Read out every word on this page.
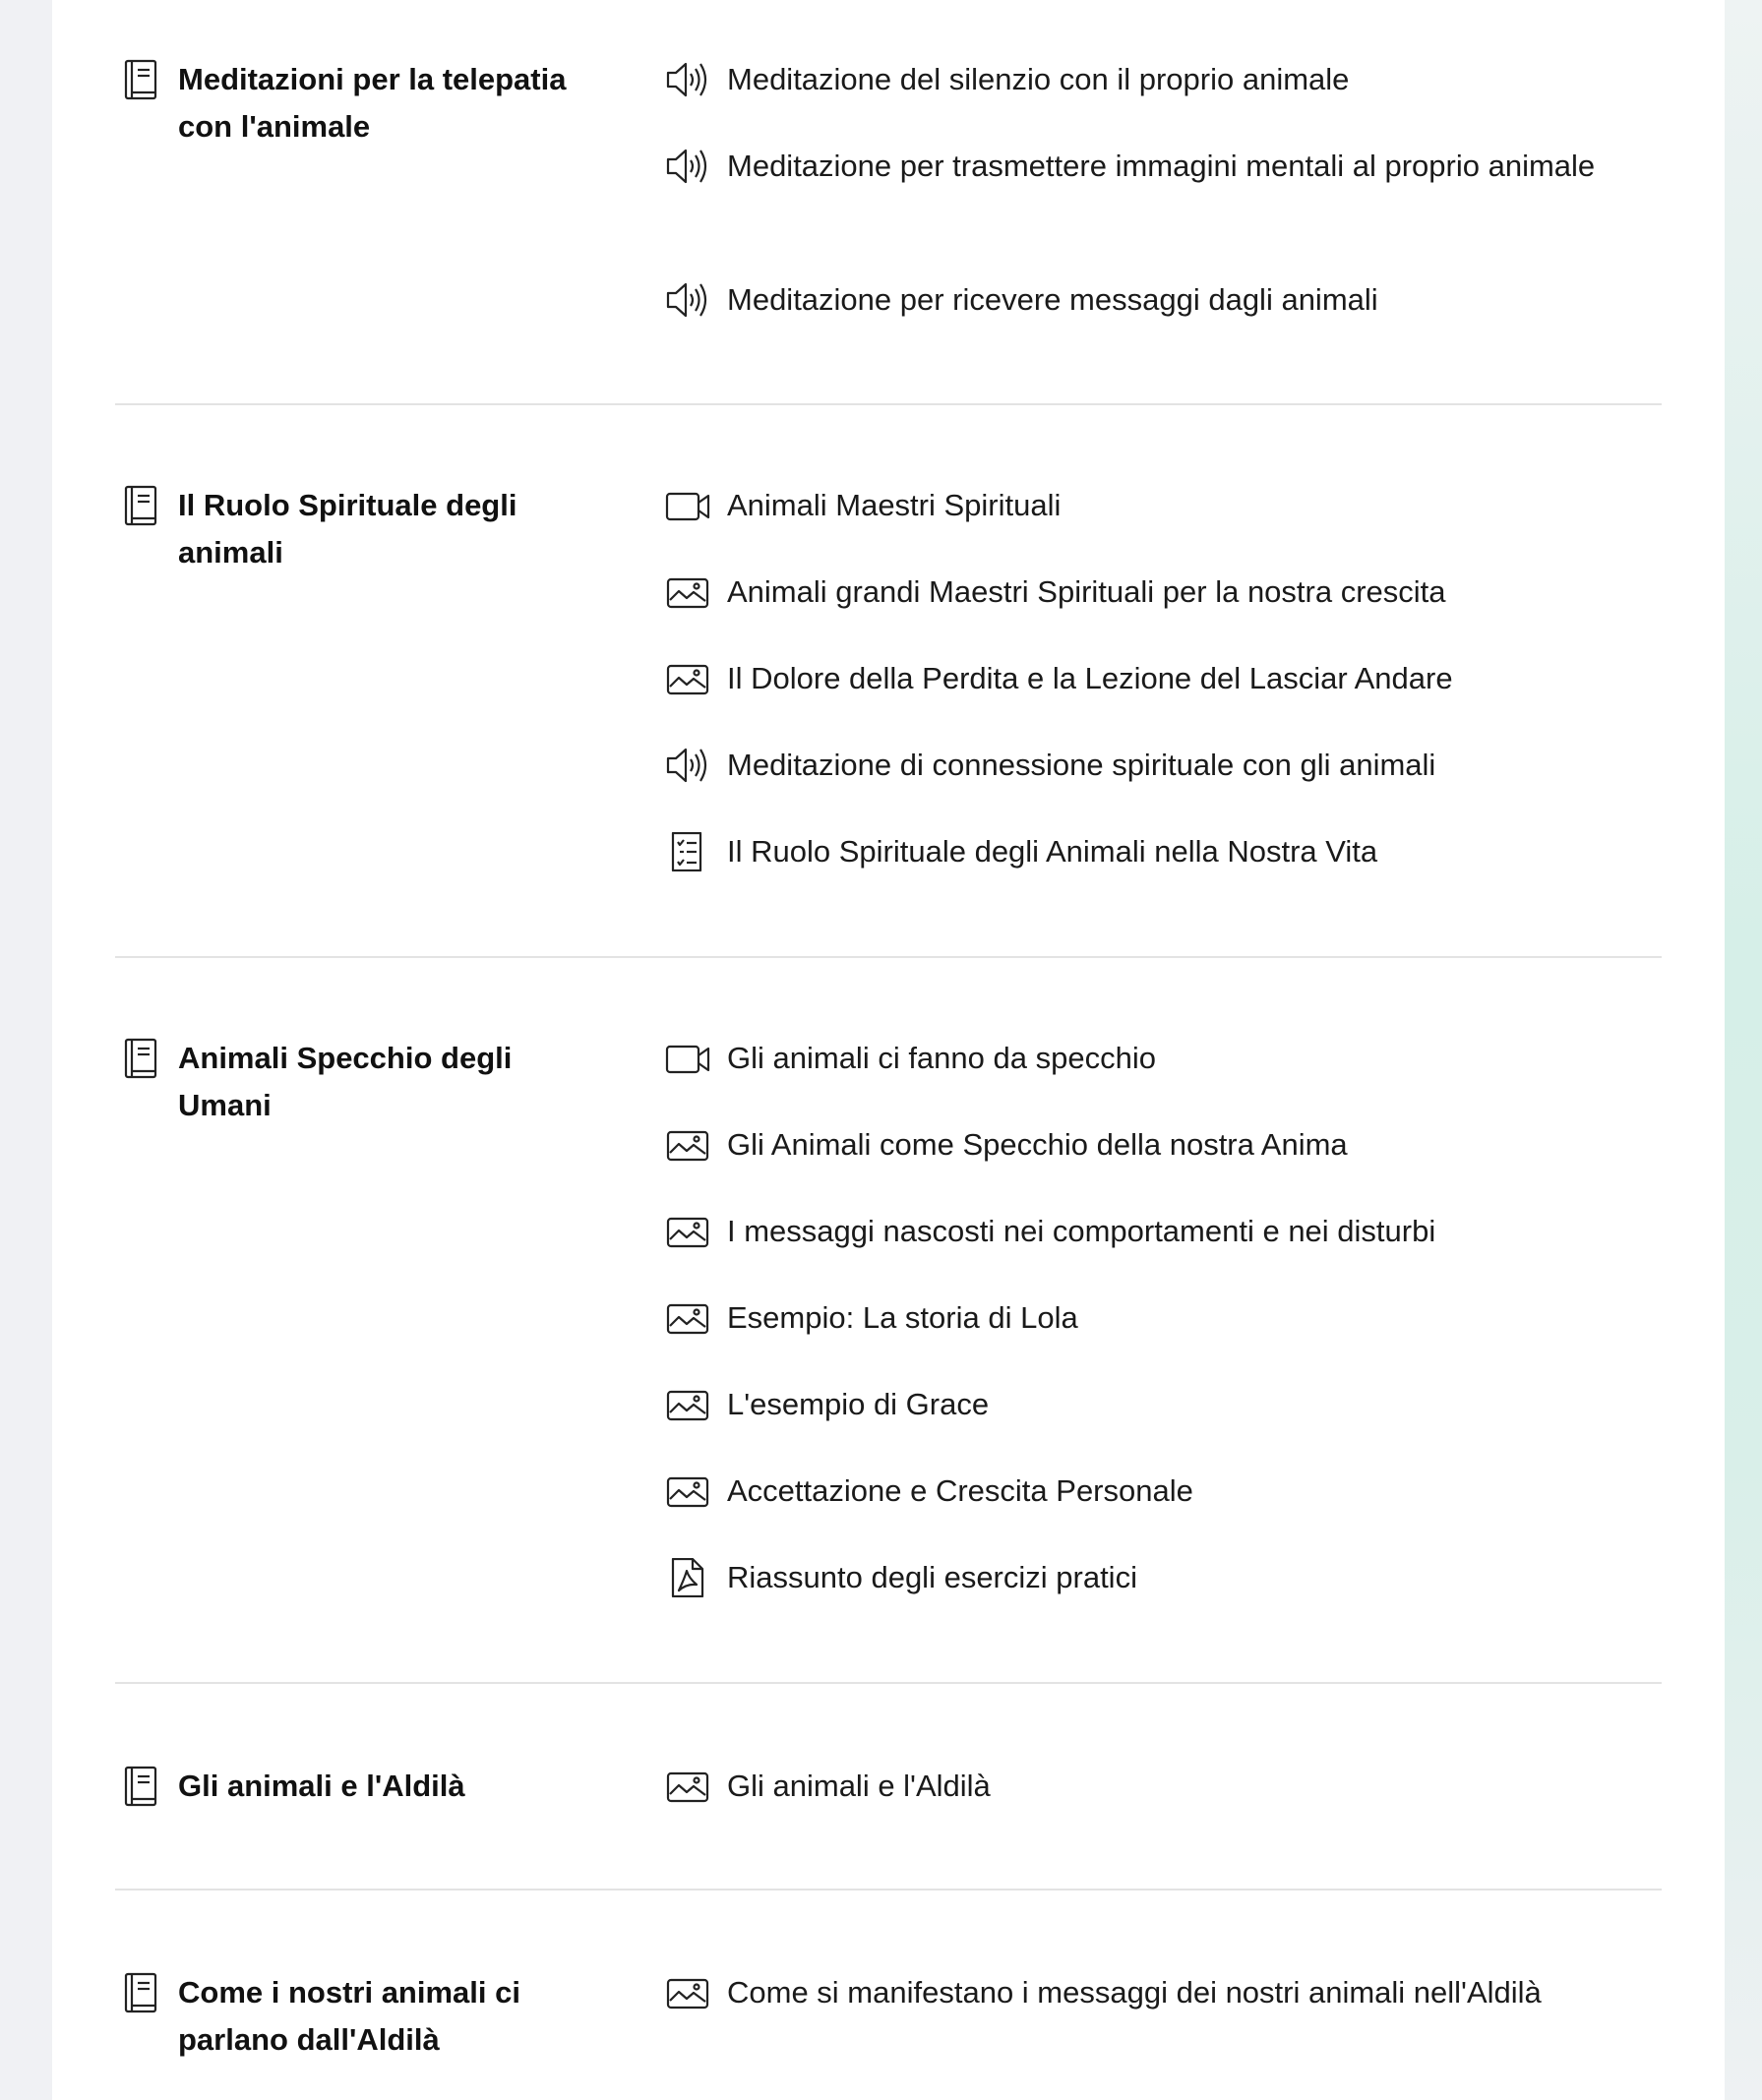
Meditazioni per la telepatia con l'animale
Meditazione del silenzio con il proprio animale
Meditazione per trasmettere immagini mentali al proprio animale
Meditazione per ricevere messaggi dagli animali
Il Ruolo Spirituale degli animali
Animali Maestri Spirituali
Animali grandi Maestri Spirituali per la nostra crescita
Il Dolore della Perdita e la Lezione del Lasciar Andare
Meditazione di connessione spirituale con gli animali
Il Ruolo Spirituale degli Animali nella Nostra Vita
Animali Specchio degli Umani
Gli animali ci fanno da specchio
Gli Animali come Specchio della nostra Anima
I messaggi nascosti nei comportamenti e nei disturbi
Esempio: La storia di Lola
L'esempio di Grace
Accettazione e Crescita Personale
Riassunto degli esercizi pratici
Gli animali e l'Aldilà	Gli animali e l'Aldilà
Come i nostri animali ci parlano dall'Aldilà
Come si manifestano i messaggi dei nostri animali nell'Aldilà
